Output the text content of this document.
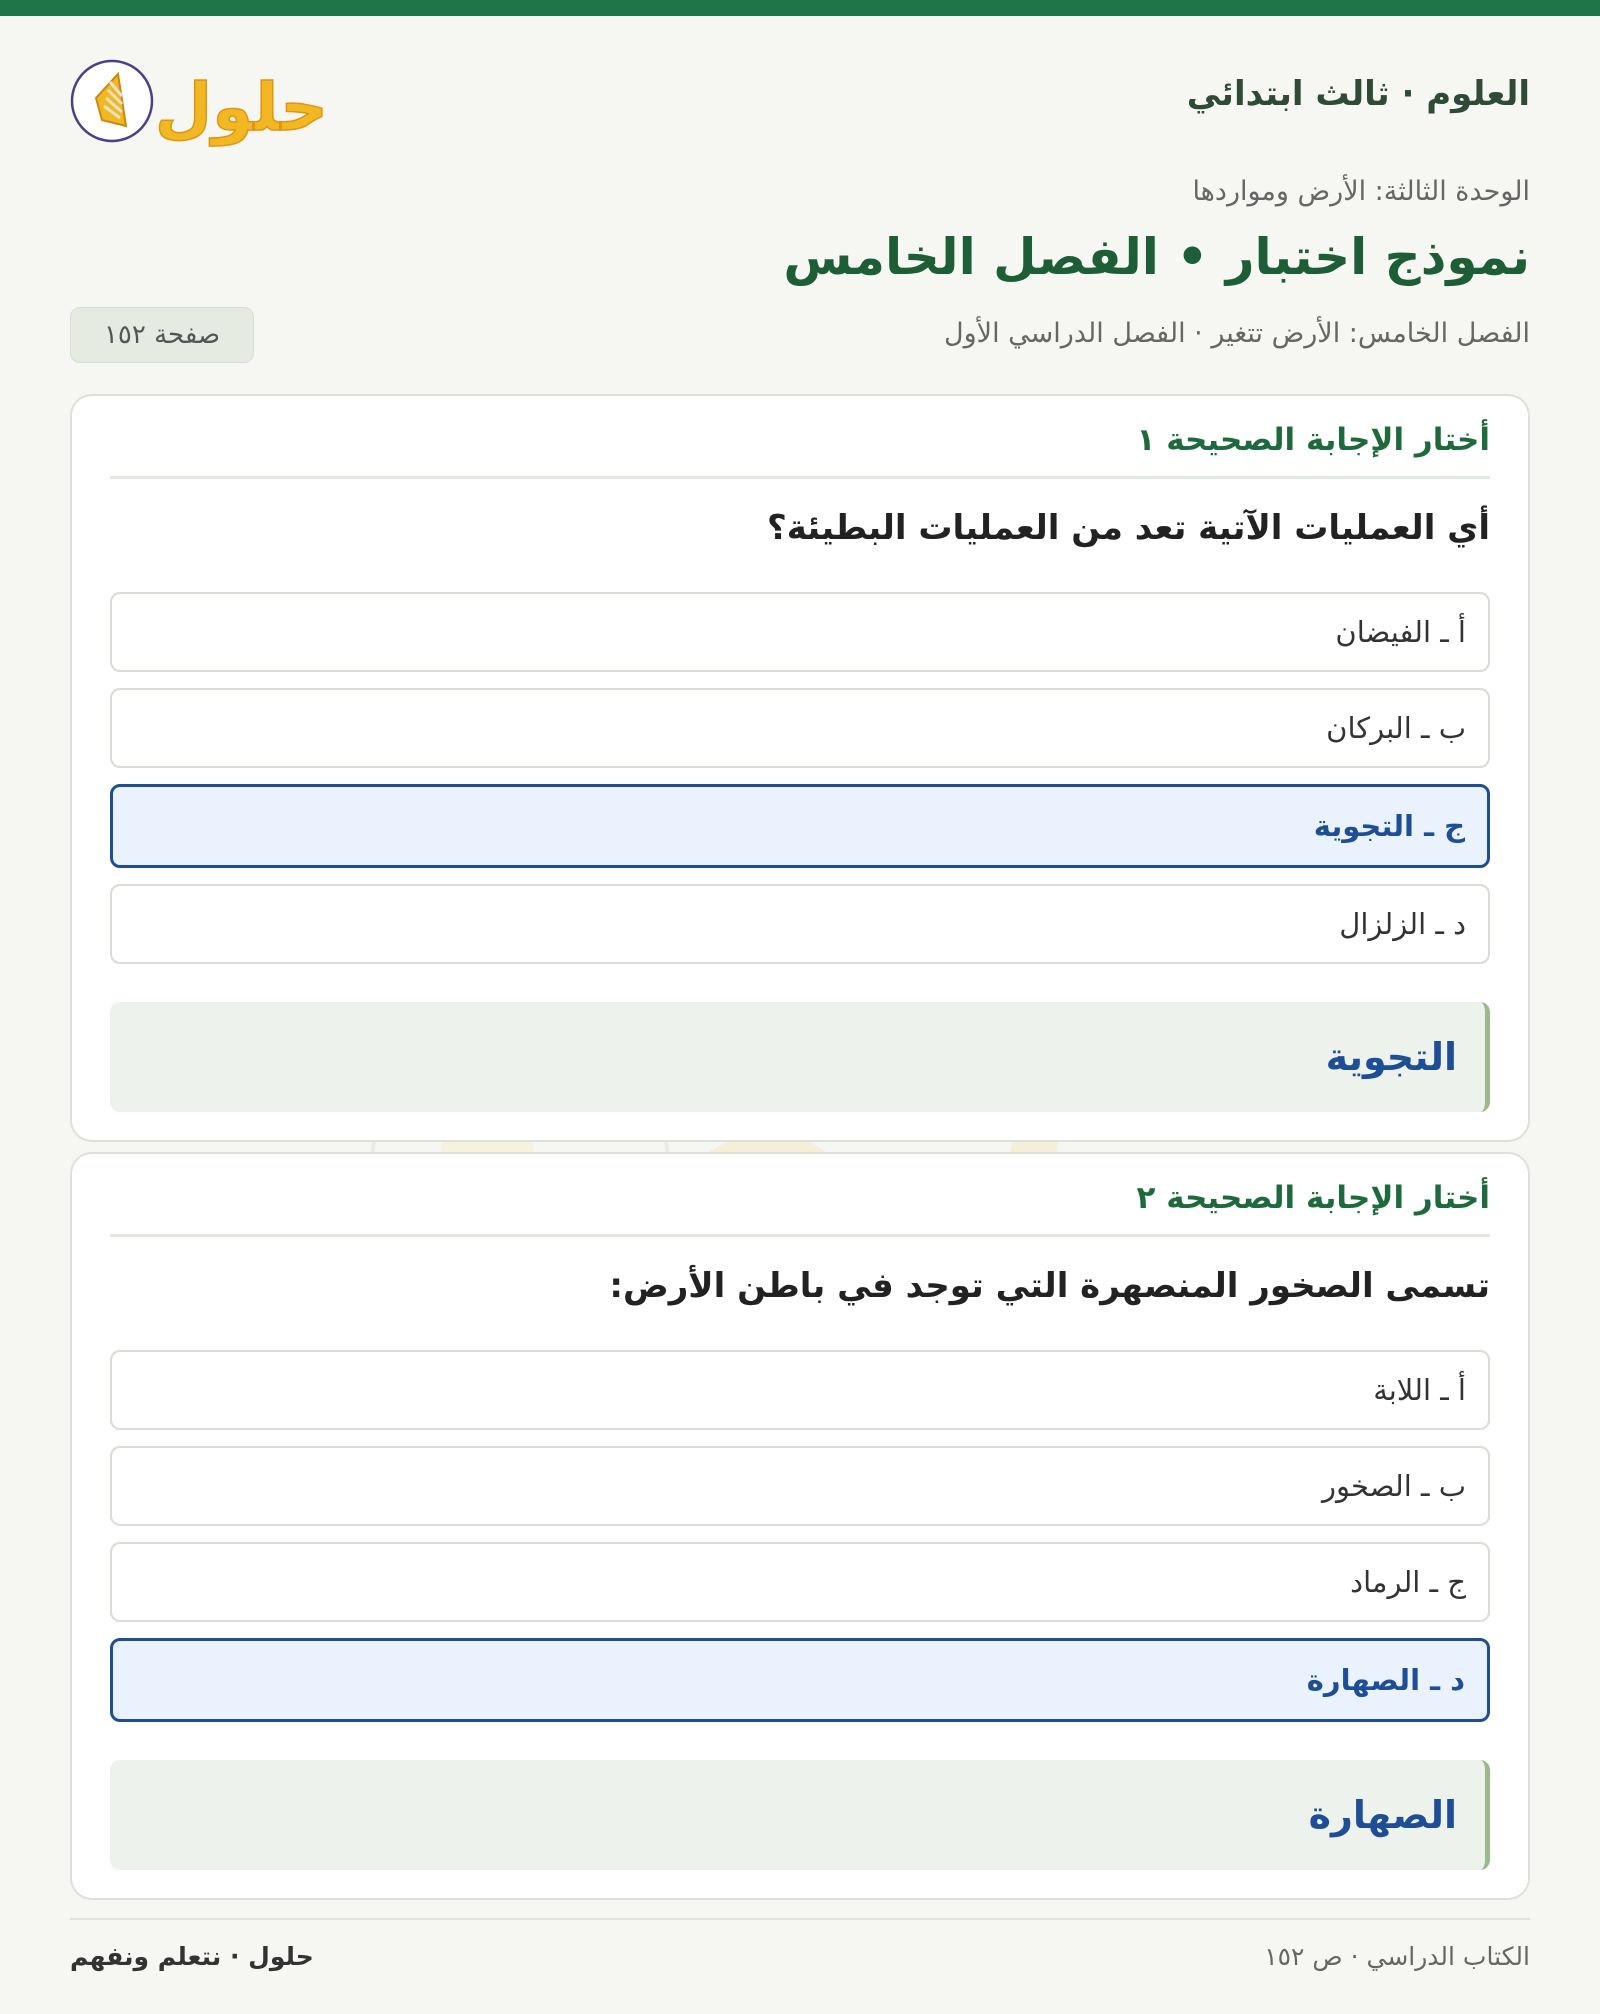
العلوم · ثالث ابتدائي
حلول
الوحدة الثالثة: الأرض ومواردها
نموذج اختبار • الفصل الخامس
الفصل الخامس: الأرض تتغير · الفصل الدراسي الأول
صفحة ١٥٢
أختار الإجابة الصحيحة ١
أي العمليات الآتية تعد من العمليات البطيئة؟
أ ـ الفيضان
ب ـ البركان
ج ـ التجوية
د ـ الزلزال
التجوية
أختار الإجابة الصحيحة ٢
تسمى الصخور المنصهرة التي توجد في باطن الأرض:
أ ـ اللابة
ب ـ الصخور
ج ـ الرماد
د ـ الصهارة
الصهارة
الكتاب الدراسي · ص ١٥٢
حلول · نتعلم ونفهم
